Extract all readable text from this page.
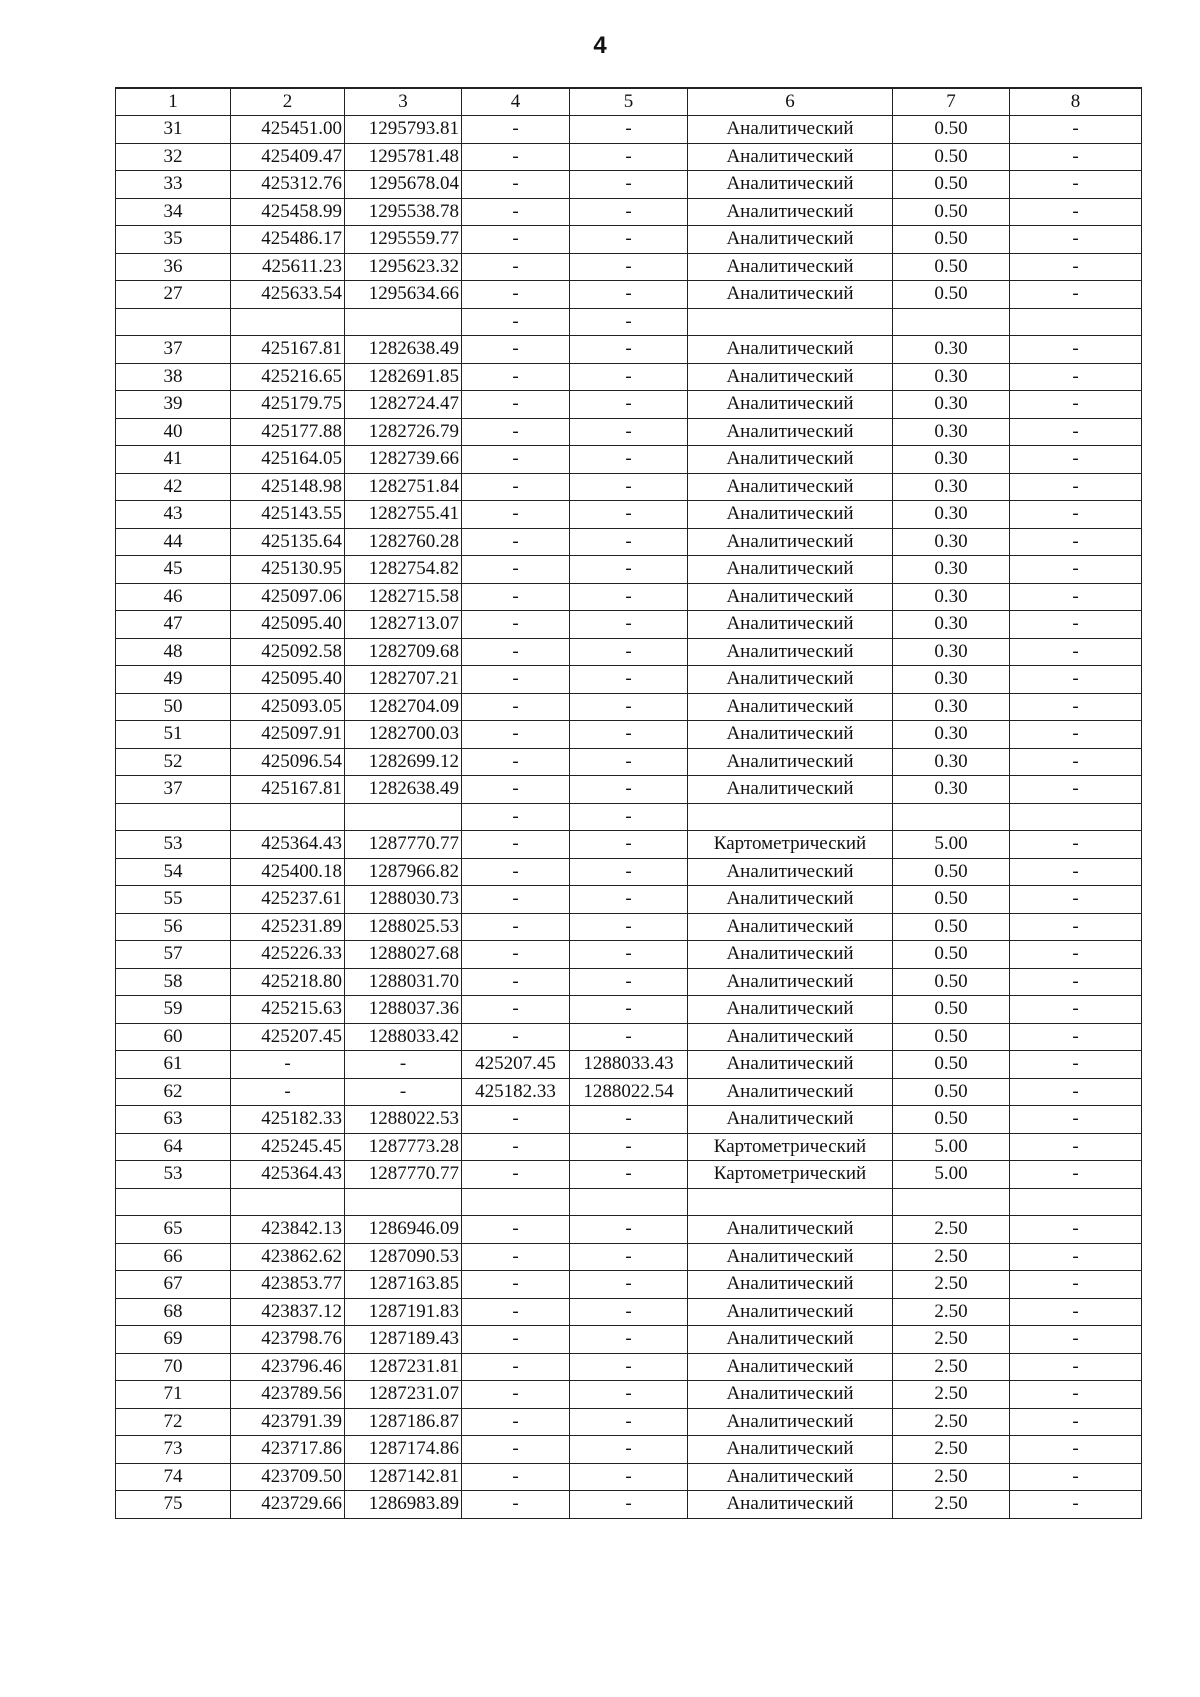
4
1	2	3	4	5	6	7	8
31	425451.00	1295793.81	-	-	Аналитический	0.50	-
32	425409.47	1295781.48	-	-	Аналитический	0.50	-
33	425312.76	1295678.04	-	-	Аналитический	0.50	-
34	425458.99	1295538.78	-	-	Аналитический	0.50	-
35	425486.17	1295559.77	-	-	Аналитический	0.50	-
36	425611.23	1295623.32	-	-	Аналитический	0.50	-
27	425633.54	1295634.66	-	-	Аналитический	0.50	-
			-	-			
37	425167.81	1282638.49	-	-	Аналитический	0.30	-
38	425216.65	1282691.85	-	-	Аналитический	0.30	-
39	425179.75	1282724.47	-	-	Аналитический	0.30	-
40	425177.88	1282726.79	-	-	Аналитический	0.30	-
41	425164.05	1282739.66	-	-	Аналитический	0.30	-
42	425148.98	1282751.84	-	-	Аналитический	0.30	-
43	425143.55	1282755.41	-	-	Аналитический	0.30	-
44	425135.64	1282760.28	-	-	Аналитический	0.30	-
45	425130.95	1282754.82	-	-	Аналитический	0.30	-
46	425097.06	1282715.58	-	-	Аналитический	0.30	-
47	425095.40	1282713.07	-	-	Аналитический	0.30	-
48	425092.58	1282709.68	-	-	Аналитический	0.30	-
49	425095.40	1282707.21	-	-	Аналитический	0.30	-
50	425093.05	1282704.09	-	-	Аналитический	0.30	-
51	425097.91	1282700.03	-	-	Аналитический	0.30	-
52	425096.54	1282699.12	-	-	Аналитический	0.30	-
37	425167.81	1282638.49	-	-	Аналитический	0.30	-
			-	-			
53	425364.43	1287770.77	-	-	Картометрический	5.00	-
54	425400.18	1287966.82	-	-	Аналитический	0.50	-
55	425237.61	1288030.73	-	-	Аналитический	0.50	-
56	425231.89	1288025.53	-	-	Аналитический	0.50	-
57	425226.33	1288027.68	-	-	Аналитический	0.50	-
58	425218.80	1288031.70	-	-	Аналитический	0.50	-
59	425215.63	1288037.36	-	-	Аналитический	0.50	-
60	425207.45	1288033.42	-	-	Аналитический	0.50	-
61	-	-	425207.45	1288033.43	Аналитический	0.50	-
62	-	-	425182.33	1288022.54	Аналитический	0.50	-
63	425182.33	1288022.53	-	-	Аналитический	0.50	-
64	425245.45	1287773.28	-	-	Картометрический	5.00	-
53	425364.43	1287770.77	-	-	Картометрический	5.00	-

65	423842.13	1286946.09	-	-	Аналитический	2.50	-
66	423862.62	1287090.53	-	-	Аналитический	2.50	-
67	423853.77	1287163.85	-	-	Аналитический	2.50	-
68	423837.12	1287191.83	-	-	Аналитический	2.50	-
69	423798.76	1287189.43	-	-	Аналитический	2.50	-
70	423796.46	1287231.81	-	-	Аналитический	2.50	-
71	423789.56	1287231.07	-	-	Аналитический	2.50	-
72	423791.39	1287186.87	-	-	Аналитический	2.50	-
73	423717.86	1287174.86	-	-	Аналитический	2.50	-
74	423709.50	1287142.81	-	-	Аналитический	2.50	-
75	423729.66	1286983.89	-	-	Аналитический	2.50	-
